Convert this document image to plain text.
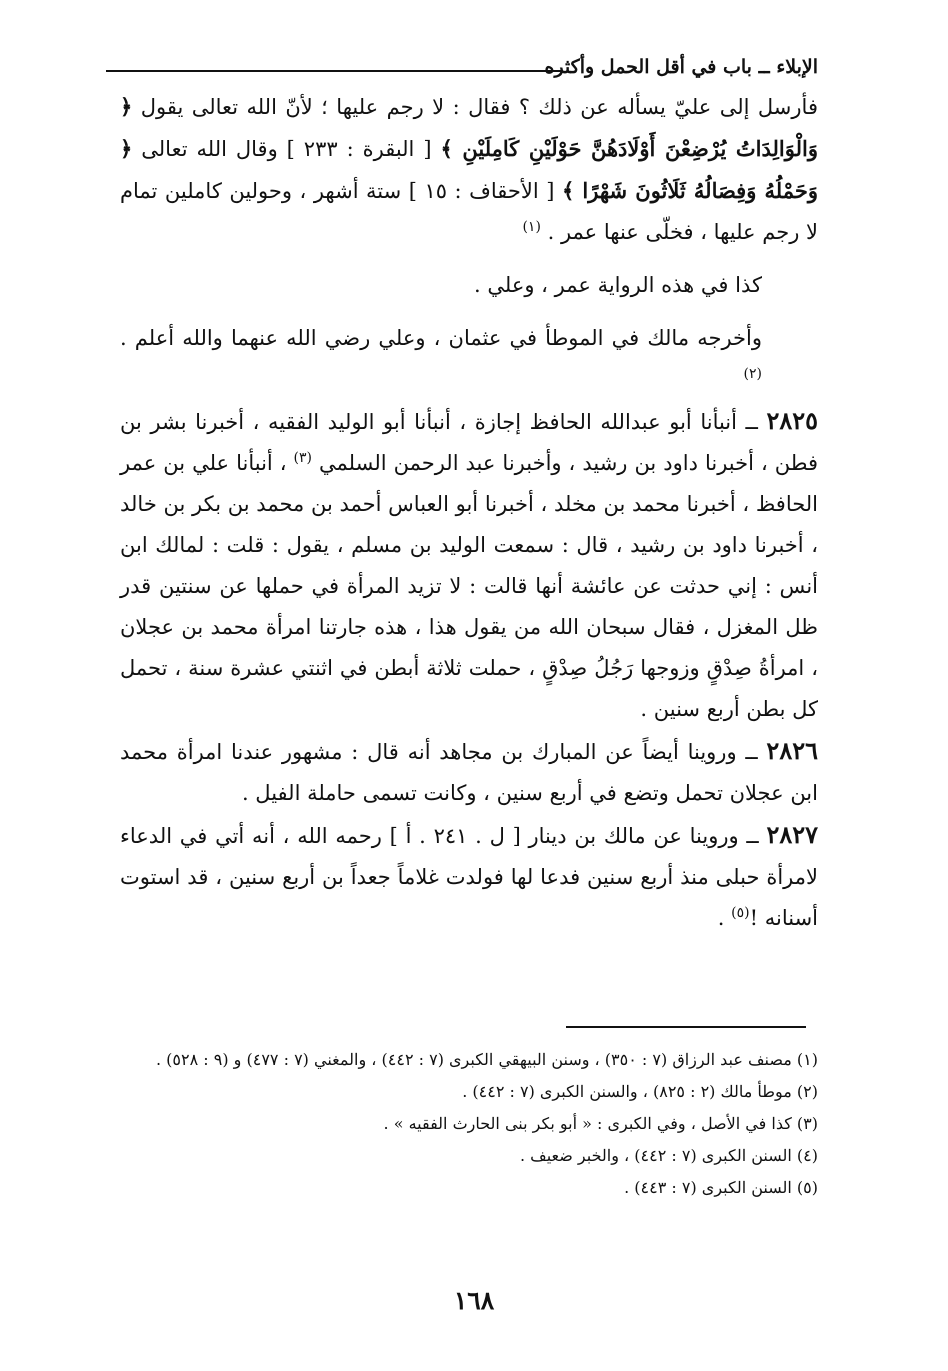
الإبلاء ــ باب في أقل الحمل وأكثره

فأرسل إلى عليّ يسأله عن ذلك ؟ فقال : لا رجم عليها ؛ لأنّ الله تعالى يقول ﴿ وَالْوَالِدَاتُ يُرْضِعْنَ أَوْلَادَهُنَّ حَوْلَيْنِ كَامِلَيْنِ ﴾ [ البقرة : ٢٣٣ ] وقال الله تعالى ﴿ وَحَمْلُهُ وَفِصَالُهُ ثَلَاثُونَ شَهْرًا ﴾ [ الأحقاف : ١٥ ] ستة أشهر ، وحولين كاملين تمام لا رجم عليها ، فخلّى عنها عمر . $^{(١)}$

كذا في هذه الرواية عمر ، وعلي .

وأخرجه مالك في الموطأ في عثمان ، وعلي رضي الله عنهما والله أعلم . $^{(٢)}$

٢٨٢٥ ــ أنبأنا أبو عبدالله الحافظ إجازة ، أنبأنا أبو الوليد الفقيه ، أخبرنا بشر بن فطن ، أخبرنا داود بن رشيد ، وأخبرنا عبد الرحمن السلمي $^{(٣)}$ ، أنبأنا علي بن عمر الحافظ ، أخبرنا محمد بن مخلد ، أخبرنا أبو العباس أحمد بن محمد بن بكر بن خالد ، أخبرنا داود بن رشيد ، قال : سمعت الوليد بن مسلم ، يقول : قلت : لمالك ابن أنس : إني حدثت عن عائشة أنها قالت : لا تزيد المرأة في حملها عن سنتين قدر ظل المغزل ، فقال سبحان الله من يقول هذا ، هذه جارتنا امرأة محمد بن عجلان ، امرأةُ صِدْقٍ وزوجها رَجُلُ صِدْقٍ ، حملت ثلاثة أبطن في اثنتي عشرة سنة ، تحمل كل بطن أربع سنين .

٢٨٢٦ ــ وروينا أيضاً عن المبارك بن مجاهد أنه قال : مشهور عندنا امرأة محمد ابن عجلان تحمل وتضع في أربع سنين ، وكانت تسمى حاملة الفيل .

٢٨٢٧ ــ وروينا عن مالك بن دينار [ ل . ٢٤١ . أ ] رحمه الله ، أنه أتي في الدعاء لامرأة حبلى منذ أربع سنين فدعا لها فولدت غلاماً جعداً بن أربع سنين ، قد استوت أسنانه !$^{(٥)}$ .

(١) مصنف عبد الرزاق (٧ : ٣٥٠) ، وسنن البيهقي الكبرى (٧ : ٤٤٢) ، والمغني (٧ : ٤٧٧) و (٩ : ٥٢٨) .

(٢) موطأ مالك (٢ : ٨٢٥) ، والسنن الكبرى (٧ : ٤٤٢) .

(٣) كذا في الأصل ، وفي الكبرى : « أبو بكر بنى الحارث الفقيه » .

(٤) السنن الكبرى (٧ : ٤٤٢) ، والخبر ضعيف .

(٥) السنن الكبرى (٧ : ٤٤٣) .

١٦٨
